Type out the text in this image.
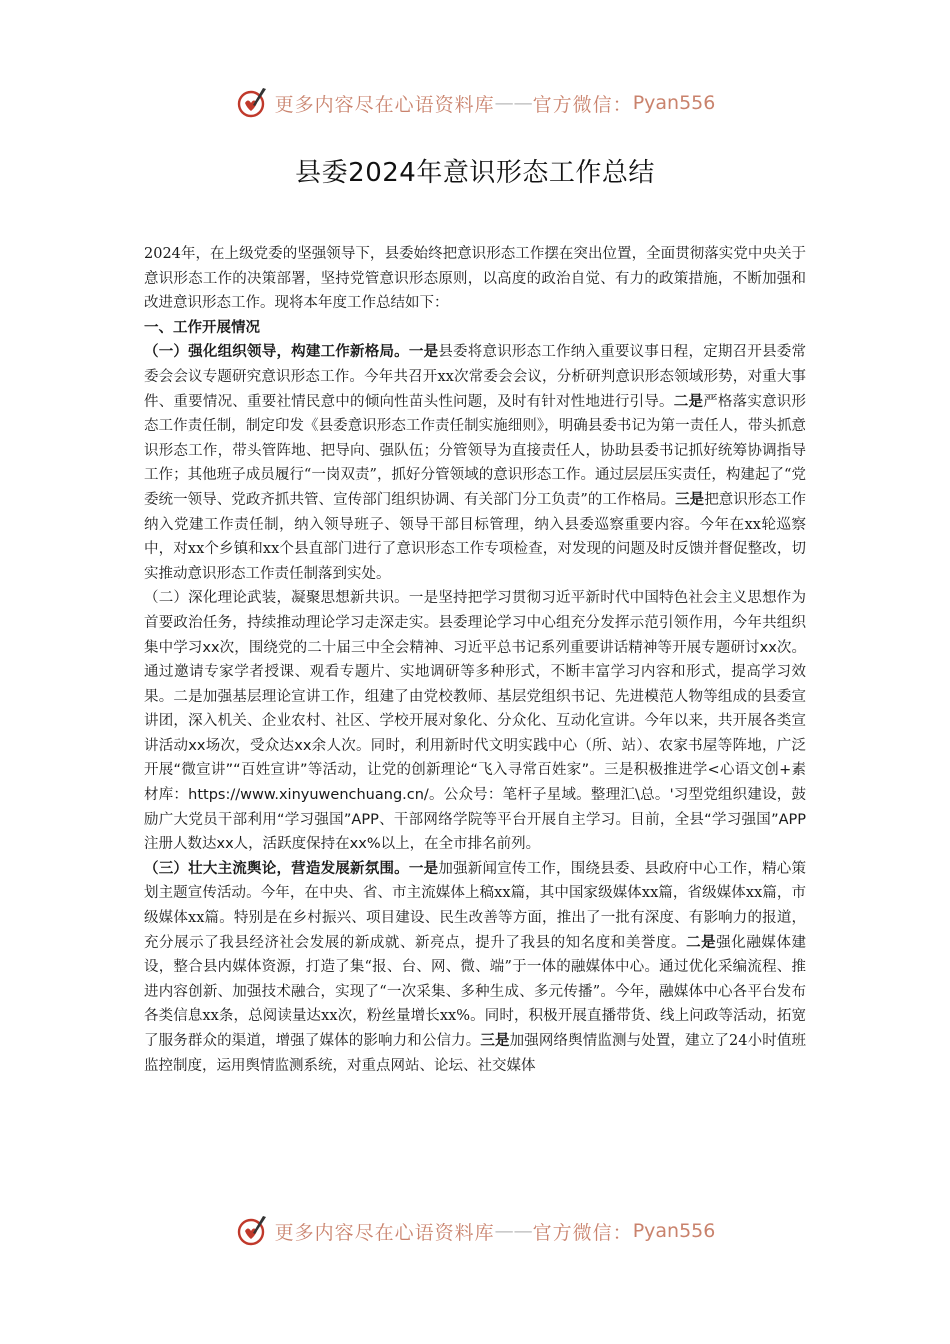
更多内容尽在心语资料库 —— 官方微信： Pyan556
县委2024年意识形态工作总结

2024年，在上级党委的坚强领导下，县委始终把意识形态工作摆在突出位置，全面贯彻落实党中央关于意识形态工作的决策部署，坚持党管意识形态原则，以高度的政治自觉、有力的政策措施，不断加强和改进意识形态工作。现将本年度工作总结如下：

一、工作开展情况

（一）强化组织领导，构建工作新格局。一是县委将意识形态工作纳入重要议事日程，定期召开县委常委会会议专题研究意识形态工作。今年共召开xx次常委会会议，分析研判意识形态领域形势，对重大事件、重要情况、重要社情民意中的倾向性苗头性问题，及时有针对性地进行引导。二是严格落实意识形态工作责任制，制定印发《县委意识形态工作责任制实施细则》，明确县委书记为第一责任人，带头抓意识形态工作，带头管阵地、把导向、强队伍；分管领导为直接责任人，协助县委书记抓好统筹协调指导工作；其他班子成员履行“一岗双责”，抓好分管领域的意识形态工作。通过层层压实责任，构建起了“党委统一领导、党政齐抓共管、宣传部门组织协调、有关部门分工负责”的工作格局。三是把意识形态工作纳入党建工作责任制，纳入领导班子、领导干部目标管理，纳入县委巡察重要内容。今年在xx轮巡察中，对xx个乡镇和xx个县直部门进行了意识形态工作专项检查，对发现的问题及时反馈并督促整改，切实推动意识形态工作责任制落到实处。

（二）深化理论武装，凝聚思想新共识。一是坚持把学习贯彻习近平新时代中国特色社会主义思想作为首要政治任务，持续推动理论学习走深走实。县委理论学习中心组充分发挥示范引领作用，今年共组织集中学习xx次，围绕党的二十届三中全会精神、习近平总书记系列重要讲话精神等开展专题研讨xx次。通过邀请专家学者授课、观看专题片、实地调研等多种形式，不断丰富学习内容和形式，提高学习效果。二是加强基层理论宣讲工作，组建了由党校教师、基层党组织书记、先进模范人物等组成的县委宣讲团，深入机关、企业农村、社区、学校开展对象化、分众化、互动化宣讲。今年以来，共开展各类宣讲活动xx场次，受众达xx余人次。同时，利用新时代文明实践中心（所、站）、农家书屋等阵地，广泛开展“微宣讲”“百姓宣讲”等活动，让党的创新理论“飞入寻常百姓家”。三是积极推进学<心语文创+素材库：https://www.xinyuwenchuang.cn/。公众号：笔杆子星域。整理汇\总。'习型党组织建设，鼓励广大党员干部利用“学习强国”APP、干部网络学院等平台开展自主学习。目前，全县“学习强国”APP注册人数达xx人，活跃度保持在xx%以上，在全市排名前列。

（三）壮大主流舆论，营造发展新氛围。一是加强新闻宣传工作，围绕县委、县政府中心工作，精心策划主题宣传活动。今年，在中央、省、市主流媒体上稿xx篇，其中国家级媒体xx篇，省级媒体xx篇，市级媒体xx篇。特别是在乡村振兴、项目建设、民生改善等方面，推出了一批有深度、有影响力的报道，充分展示了我县经济社会发展的新成就、新亮点，提升了我县的知名度和美誉度。二是强化融媒体建设，整合县内媒体资源，打造了集“报、台、网、微、端”于一体的融媒体中心。通过优化采编流程、推进内容创新、加强技术融合，实现了“一次采集、多种生成、多元传播”。今年，融媒体中心各平台发布各类信息xx条，总阅读量达xx次，粉丝量增长xx%。同时，积极开展直播带货、线上问政等活动，拓宽了服务群众的渠道，增强了媒体的影响力和公信力。三是加强网络舆情监测与处置，建立了24小时值班监控制度，运用舆情监测系统，对重点网站、论坛、社交媒体

更多内容尽在心语资料库 —— 官方微信： Pyan556
